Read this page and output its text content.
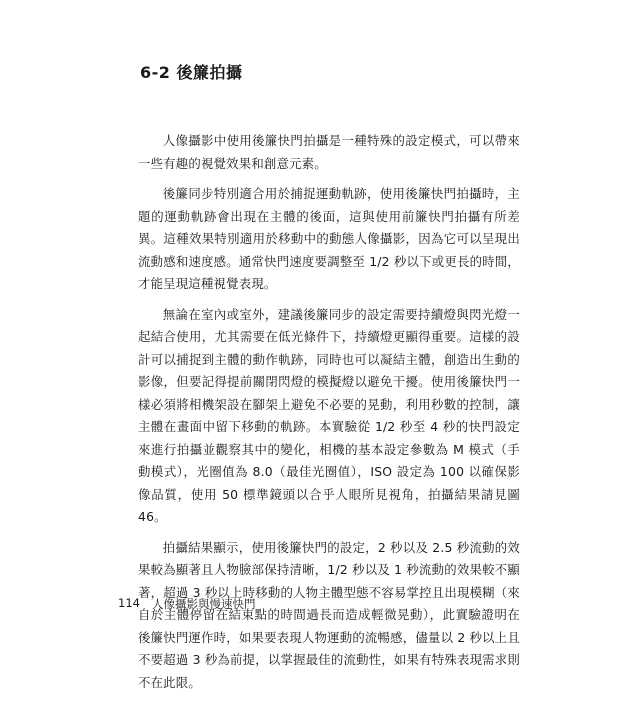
6-2 後簾拍攝

人像攝影中使用後簾快門拍攝是一種特殊的設定模式，可以帶來一些有趣的視覺效果和創意元素。

後簾同步特別適合用於捕捉運動軌跡，使用後簾快門拍攝時，主題的運動軌跡會出現在主體的後面，這與使用前簾快門拍攝有所差異。這種效果特別適用於移動中的動態人像攝影，因為它可以呈現出流動感和速度感。通常快門速度要調整至 1/2 秒以下或更長的時間，才能呈現這種視覺表現。

無論在室內或室外，建議後簾同步的設定需要持續燈與閃光燈一起結合使用，尤其需要在低光條件下，持續燈更顯得重要。這樣的設計可以捕捉到主體的動作軌跡，同時也可以凝結主體，創造出生動的影像，但要記得提前關閉閃燈的模擬燈以避免干擾。使用後簾快門一樣必須將相機架設在腳架上避免不必要的晃動，利用秒數的控制，讓主體在畫面中留下移動的軌跡。本實驗從 1/2 秒至 4 秒的快門設定來進行拍攝並觀察其中的變化，相機的基本設定參數為 M 模式（手動模式），光圈值為 8.0（最佳光圈值），ISO 設定為 100 以確保影像品質，使用 50 標準鏡頭以合乎人眼所見視角，拍攝結果請見圖 46。

拍攝結果顯示，使用後簾快門的設定，2 秒以及 2.5 秒流動的效果較為顯著且人物臉部保持清晰，1/2 秒以及 1 秒流動的效果較不顯著，超過 3 秒以上時移動的人物主體型態不容易掌控且出現模糊（來自於主體停留在結束點的時間過長而造成輕微晃動），此實驗證明在後簾快門運作時，如果要表現人物運動的流暢感，儘量以 2 秒以上且不要超過 3 秒為前提，以掌握最佳的流動性，如果有特殊表現需求則不在此限。

114 人像攝影與慢速快門
